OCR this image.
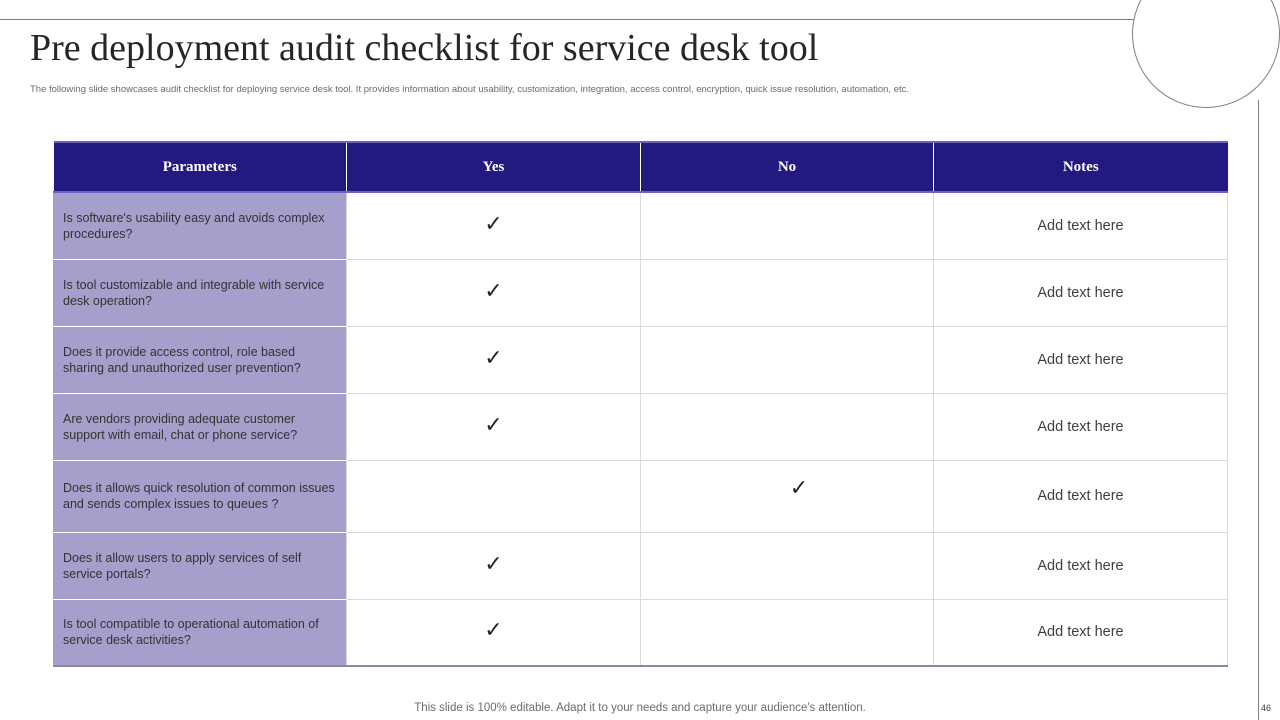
Pre deployment audit checklist for service desk tool
The following slide showcases audit checklist for deploying service desk tool. It provides information about usability, customization, integration, access control, encryption, quick issue resolution, automation, etc.
Parameters	Yes	No	Notes
Is software's usability easy and avoids complex procedures?	✓		Add text here
Is tool customizable and integrable with service desk operation?	✓		Add text here
Does it provide access control, role based sharing and unauthorized user prevention?	✓		Add text here
Are vendors providing adequate customer support with email, chat or phone service?	✓		Add text here
Does it allows quick resolution of common issues and sends complex issues to queues ?		✓	Add text here
Does it allow users to apply services of self service portals?	✓		Add text here
Is tool compatible to operational automation of service desk activities?	✓		Add text here
This slide is 100% editable. Adapt it to your needs and capture your audience's attention.	46
